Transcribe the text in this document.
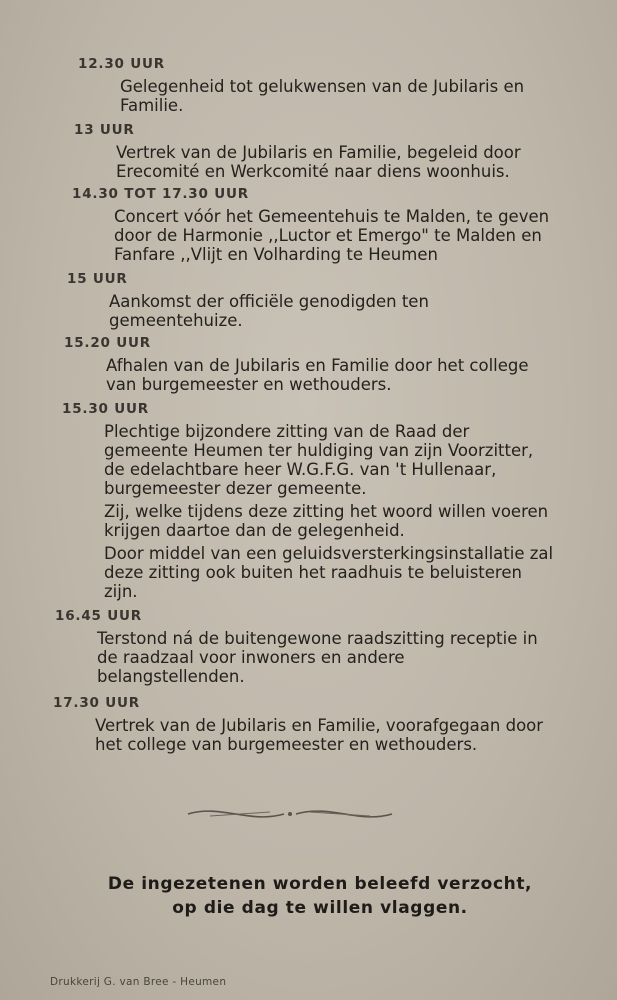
12.30 UUR
Gelegenheid tot gelukwensen van de Jubilaris en Familie.
13 UUR
Vertrek van de Jubilaris en Familie, begeleid door Erecomité en Werkcomité naar diens woonhuis.
14.30 TOT 17.30 UUR
Concert vóór het Gemeentehuis te Malden, te geven door de Harmonie ,,Luctor et Emergo" te Malden en Fanfare ,,Vlijt en Volharding te Heumen
15 UUR
Aankomst der officiële genodigden ten gemeentehuize.
15.20 UUR
Afhalen van de Jubilaris en Familie door het college van burgemeester en wethouders.
15.30 UUR
Plechtige bijzondere zitting van de Raad der gemeente Heumen ter huldiging van zijn Voorzitter, de edelachtbare heer W.G.F.G. van 't Hullenaar, burgemeester dezer gemeente.
Zij, welke tijdens deze zitting het woord willen voeren krijgen daartoe dan de gelegenheid.
Door middel van een geluidsversterkingsinstallatie zal deze zitting ook buiten het raadhuis te beluisteren zijn.
16.45 UUR
Terstond ná de buitengewone raadszitting receptie in de raadzaal voor inwoners en andere belangstellenden.
17.30 UUR
Vertrek van de Jubilaris en Familie, voorafgegaan door het college van burgemeester en wethouders.
De ingezetenen worden beleefd verzocht,
op die dag te willen vlaggen.
Drukkerij G. van Bree - Heumen
